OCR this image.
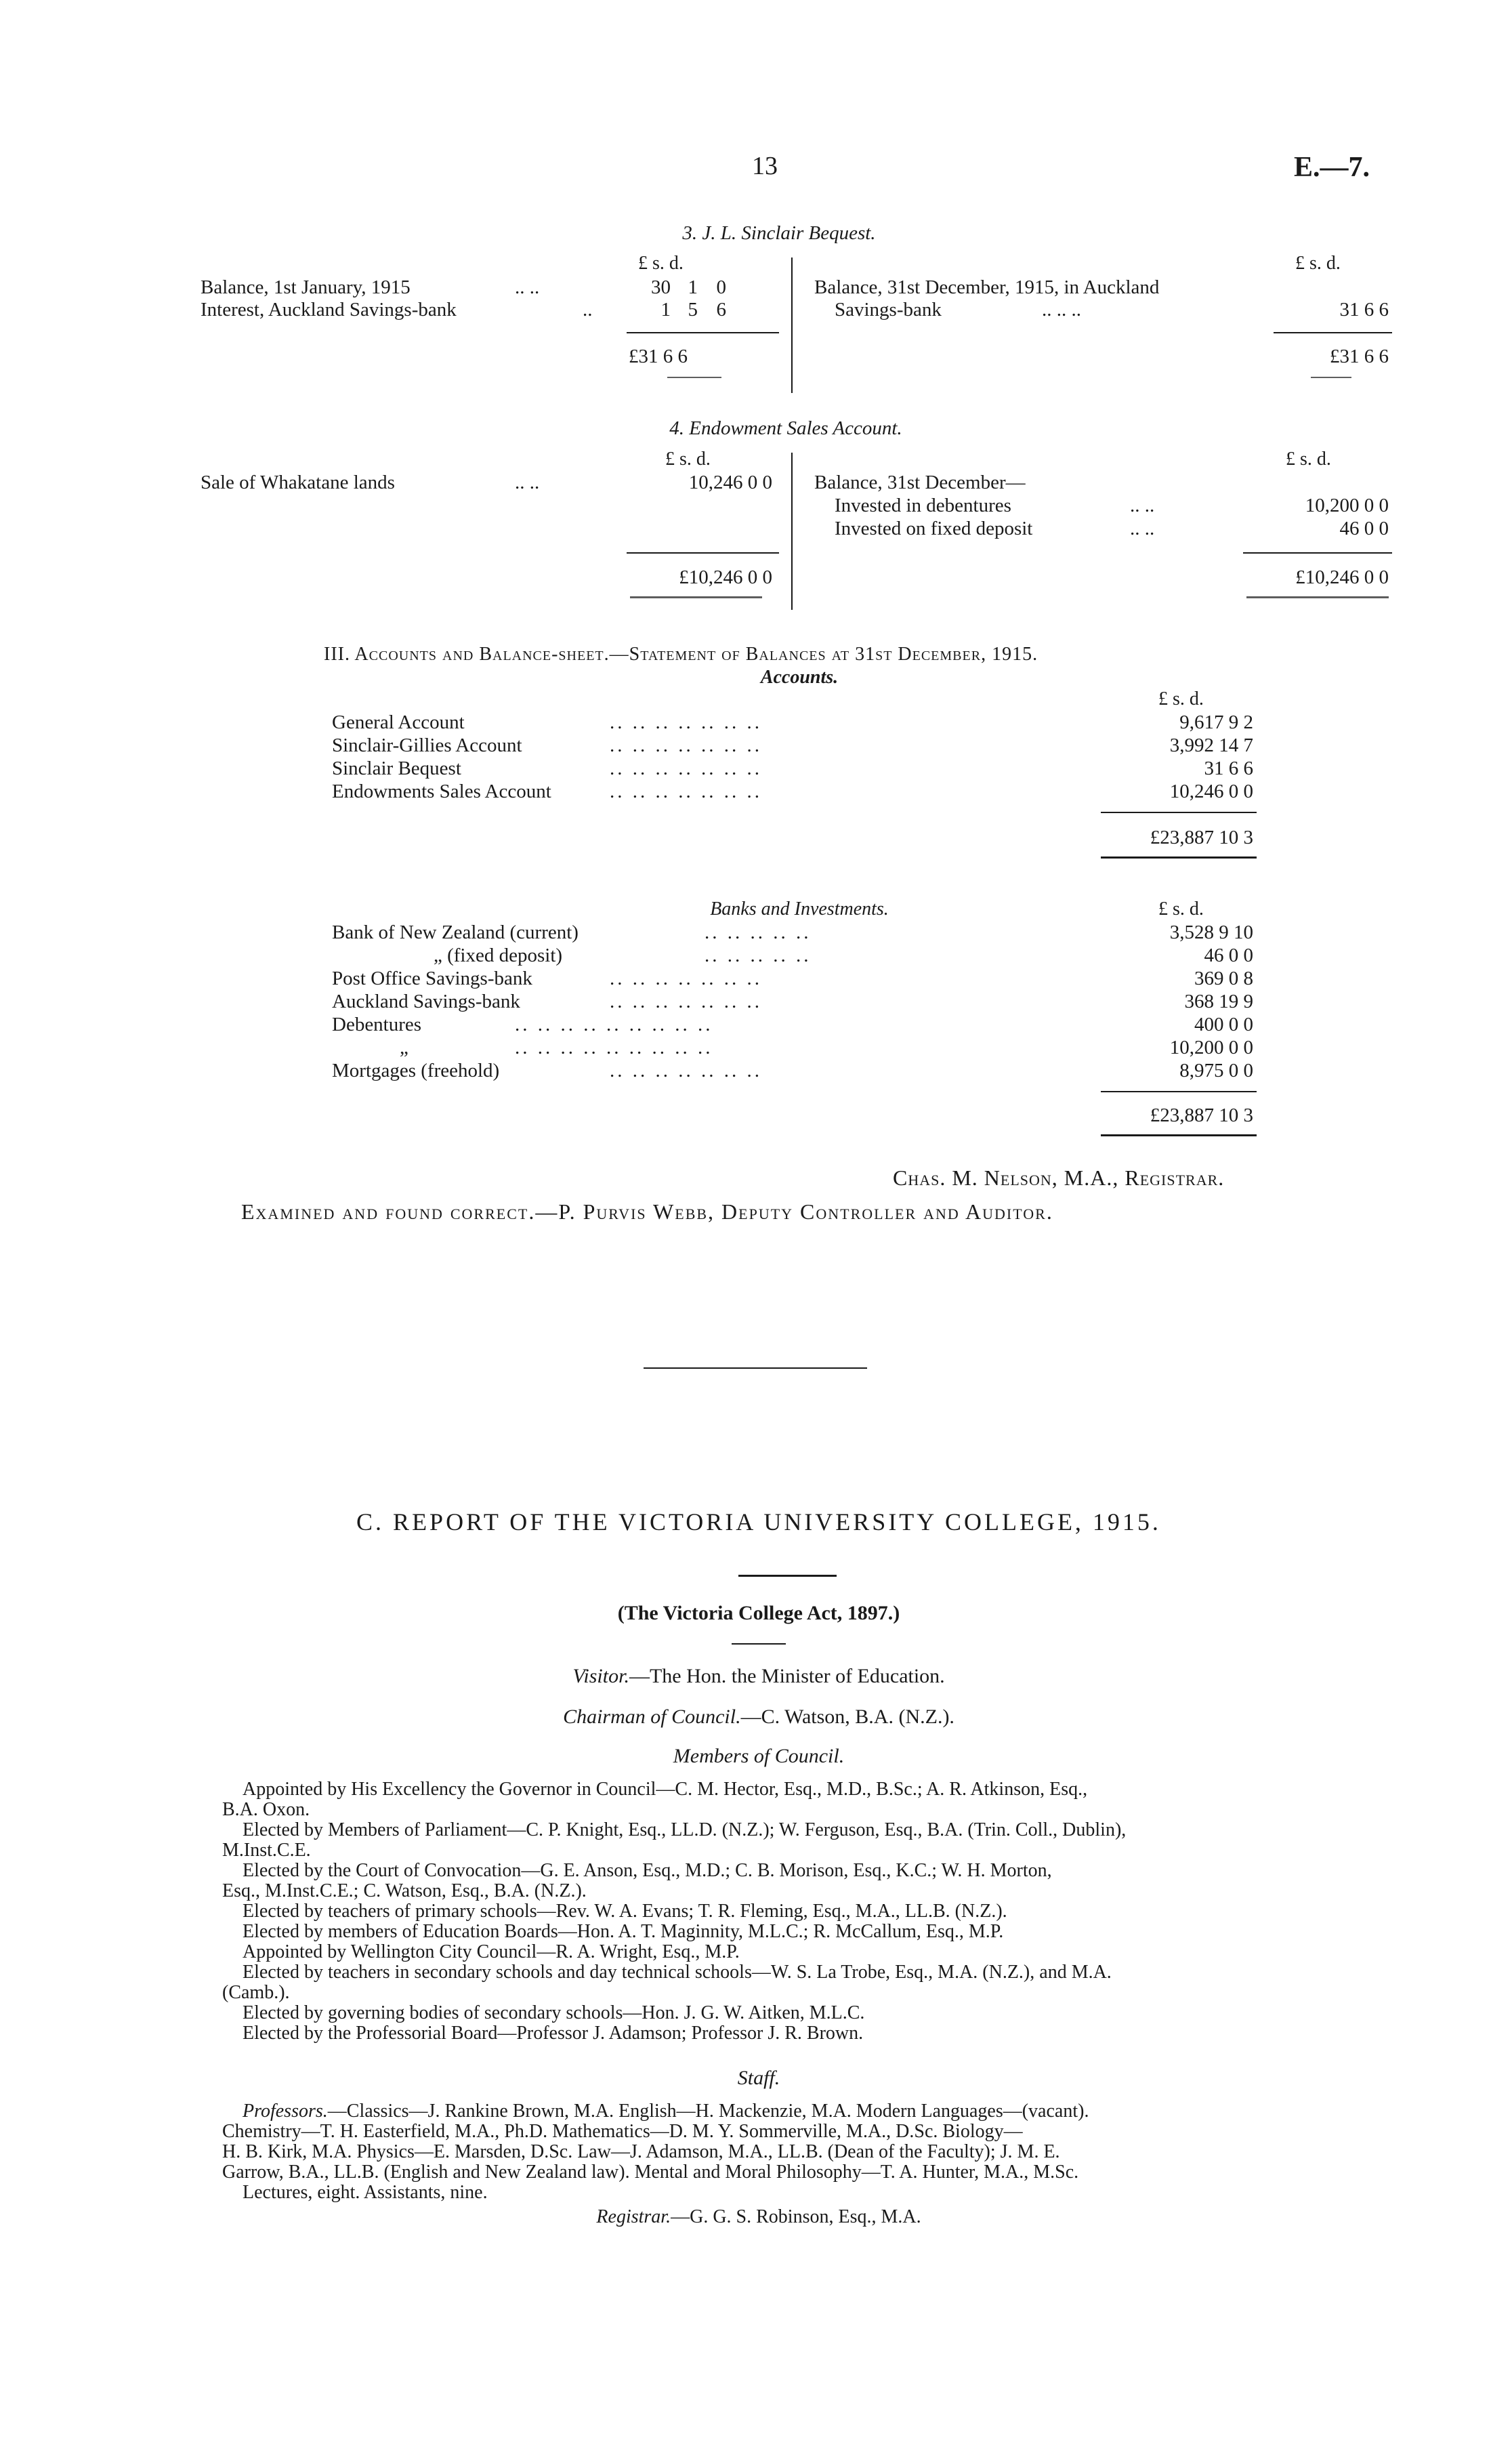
13	E.—7.
3. J. L. Sinclair Bequest.
£ s. d.	£ s. d.
Balance, 1st January, 1915	.. ..	30 1 0
Interest, Auckland Savings-bank	..	1 5 6
£31 6 6
Balance, 31st December, 1915, in Auckland
Savings-bank	.. .. ..	31 6 6
£31 6 6
4. Endowment Sales Account.
£ s. d.	£ s. d.
Sale of Whakatane lands	.. ..	10,246 0 0
£10,246 0 0
Balance, 31st December—
Invested in debentures	.. ..	10,200 0 0
Invested on fixed deposit	.. ..	46 0 0
£10,246 0 0
III. Accounts and Balance-sheet.—Statement of Balances at 31st December, 1915.
Accounts.
£ s. d.
General Account	9,617 9 2
Sinclair-Gillies Account	3,992 14 7
Sinclair Bequest	31 6 6
Endowments Sales Account	10,246 0 0
.. .. .. .. .. .. ..
.. .. .. .. .. .. ..
.. .. .. .. .. .. ..
.. .. .. .. .. .. ..
£23,887 10 3
Banks and Investments.	£ s. d.
Bank of New Zealand (current)	3,528 9 10
„ (fixed deposit)	46 0 0
Post Office Savings-bank	369 0 8
Auckland Savings-bank	368 19 9
Debentures	400 0 0
„	10,200 0 0
Mortgages (freehold)	8,975 0 0
.. .. .. .. ..
.. .. .. .. ..
.. .. .. .. .. .. ..
.. .. .. .. .. .. ..
.. .. .. .. .. .. .. .. ..
.. .. .. .. .. .. .. .. ..
.. .. .. .. .. .. ..
£23,887 10 3
Chas. M. Nelson, M.A., Registrar.
Examined and found correct.—P. Purvis Webb, Deputy Controller and Auditor.
C. REPORT OF THE VICTORIA UNIVERSITY COLLEGE, 1915.
(The Victoria College Act, 1897.)
Visitor.—The Hon. the Minister of Education.
Chairman of Council.—C. Watson, B.A. (N.Z.).
Members of Council.
Appointed by His Excellency the Governor in Council—C. M. Hector, Esq., M.D., B.Sc.; A. R. Atkinson, Esq.,
B.A. Oxon.
Elected by Members of Parliament—C. P. Knight, Esq., LL.D. (N.Z.); W. Ferguson, Esq., B.A. (Trin. Coll., Dublin),
M.Inst.C.E.
Elected by the Court of Convocation—G. E. Anson, Esq., M.D.; C. B. Morison, Esq., K.C.; W. H. Morton,
Esq., M.Inst.C.E.; C. Watson, Esq., B.A. (N.Z.).
Elected by teachers of primary schools—Rev. W. A. Evans; T. R. Fleming, Esq., M.A., LL.B. (N.Z.).
Elected by members of Education Boards—Hon. A. T. Maginnity, M.L.C.; R. McCallum, Esq., M.P.
Appointed by Wellington City Council—R. A. Wright, Esq., M.P.
Elected by teachers in secondary schools and day technical schools—W. S. La Trobe, Esq., M.A. (N.Z.), and M.A.
(Camb.).
Elected by governing bodies of secondary schools—Hon. J. G. W. Aitken, M.L.C.
Elected by the Professorial Board—Professor J. Adamson; Professor J. R. Brown.
Staff.
Professors.—Classics—J. Rankine Brown, M.A. English—H. Mackenzie, M.A. Modern Languages—(vacant).
Chemistry—T. H. Easterfield, M.A., Ph.D. Mathematics—D. M. Y. Sommerville, M.A., D.Sc. Biology—
H. B. Kirk, M.A. Physics—E. Marsden, D.Sc. Law—J. Adamson, M.A., LL.B. (Dean of the Faculty); J. M. E.
Garrow, B.A., LL.B. (English and New Zealand law). Mental and Moral Philosophy—T. A. Hunter, M.A., M.Sc.
Lectures, eight. Assistants, nine.
Registrar.—G. G. S. Robinson, Esq., M.A.
